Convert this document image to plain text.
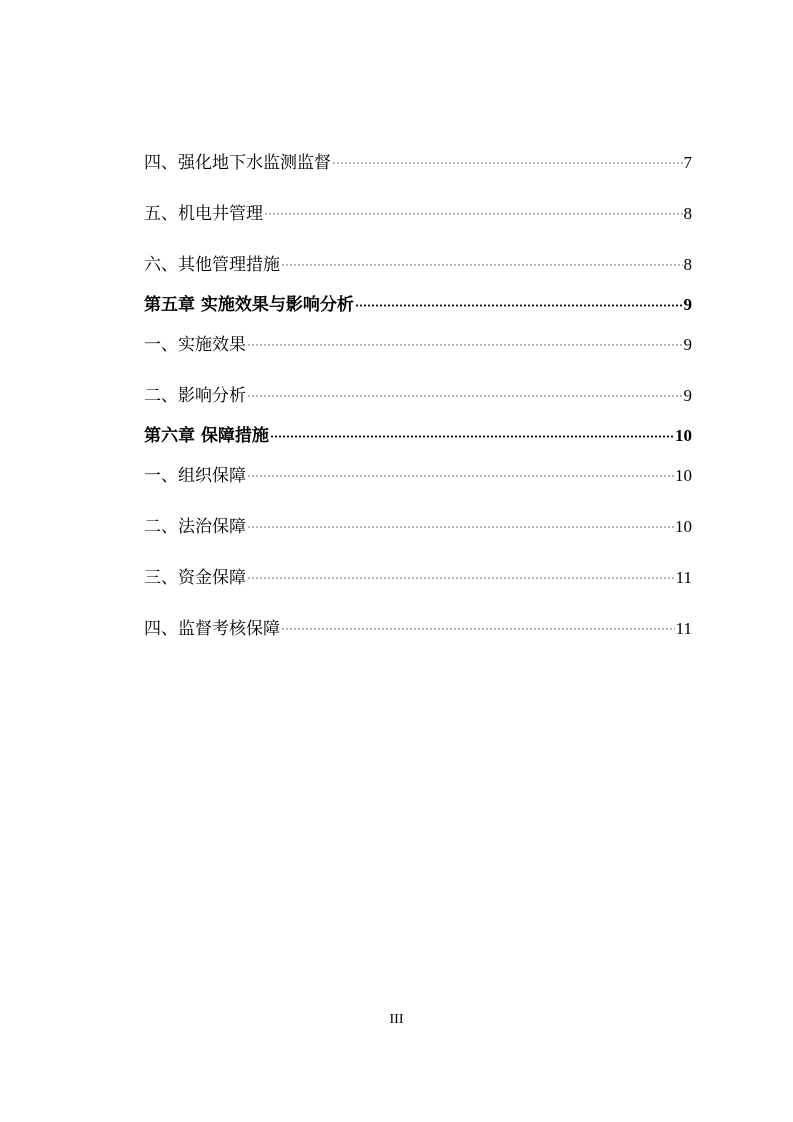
四、强化地下水监测监督	7
五、机电井管理	8
六、其他管理措施	8
第五章 实施效果与影响分析	9
一、实施效果	9
二、影响分析	9
第六章 保障措施	10
一、组织保障	10
二、法治保障	10
三、资金保障	11
四、监督考核保障	11
III
